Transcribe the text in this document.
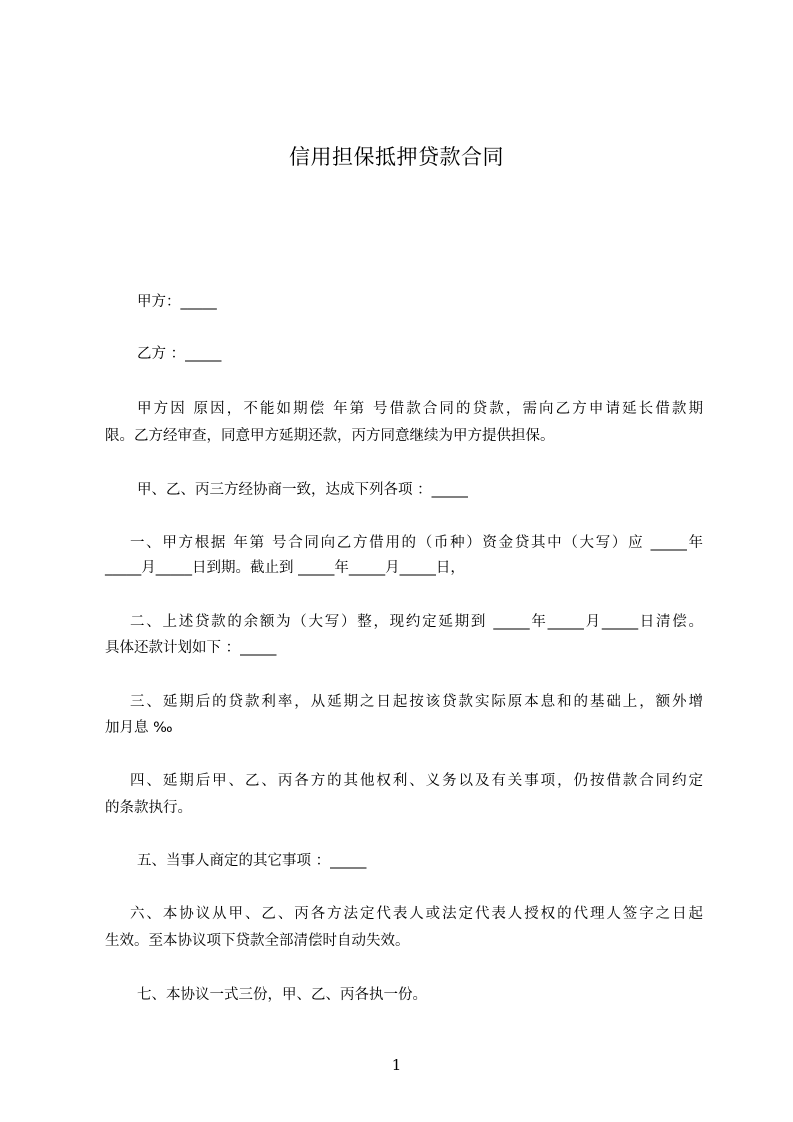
信用担保抵押贷款合同
甲方：_____
乙方 ：_____
甲方因 原因，不能如期偿 年第 号借款合同的贷款，需向乙方申请延长借款期
限。乙方经审查，同意甲方延期还款，丙方同意继续为甲方提供担保。
甲、乙、丙三方经协商一致，达成下列各项 ：_____
一、甲方根据 年第 号合同向乙方借用的（币种）资金贷其中（大写）应 _____年
_____月_____日到期。截止到 _____年_____月_____日，
二、上述贷款的余额为（大写）整，现约定延期到 _____年_____月_____日清偿。
具体还款计划如下 ：_____
三、延期后的贷款利率，从延期之日起按该贷款实际原本息和的基础上，额外增
加月息 ‰
四、延期后甲、乙、丙各方的其他权利、义务以及有关事项，仍按借款合同约定
的条款执行。
五、当事人商定的其它事项 ：_____
六、本协议从甲、乙、丙各方法定代表人或法定代表人授权的代理人签字之日起
生效。至本协议项下贷款全部清偿时自动失效。
七、本协议一式三份，甲、乙、丙各执一份。
1
